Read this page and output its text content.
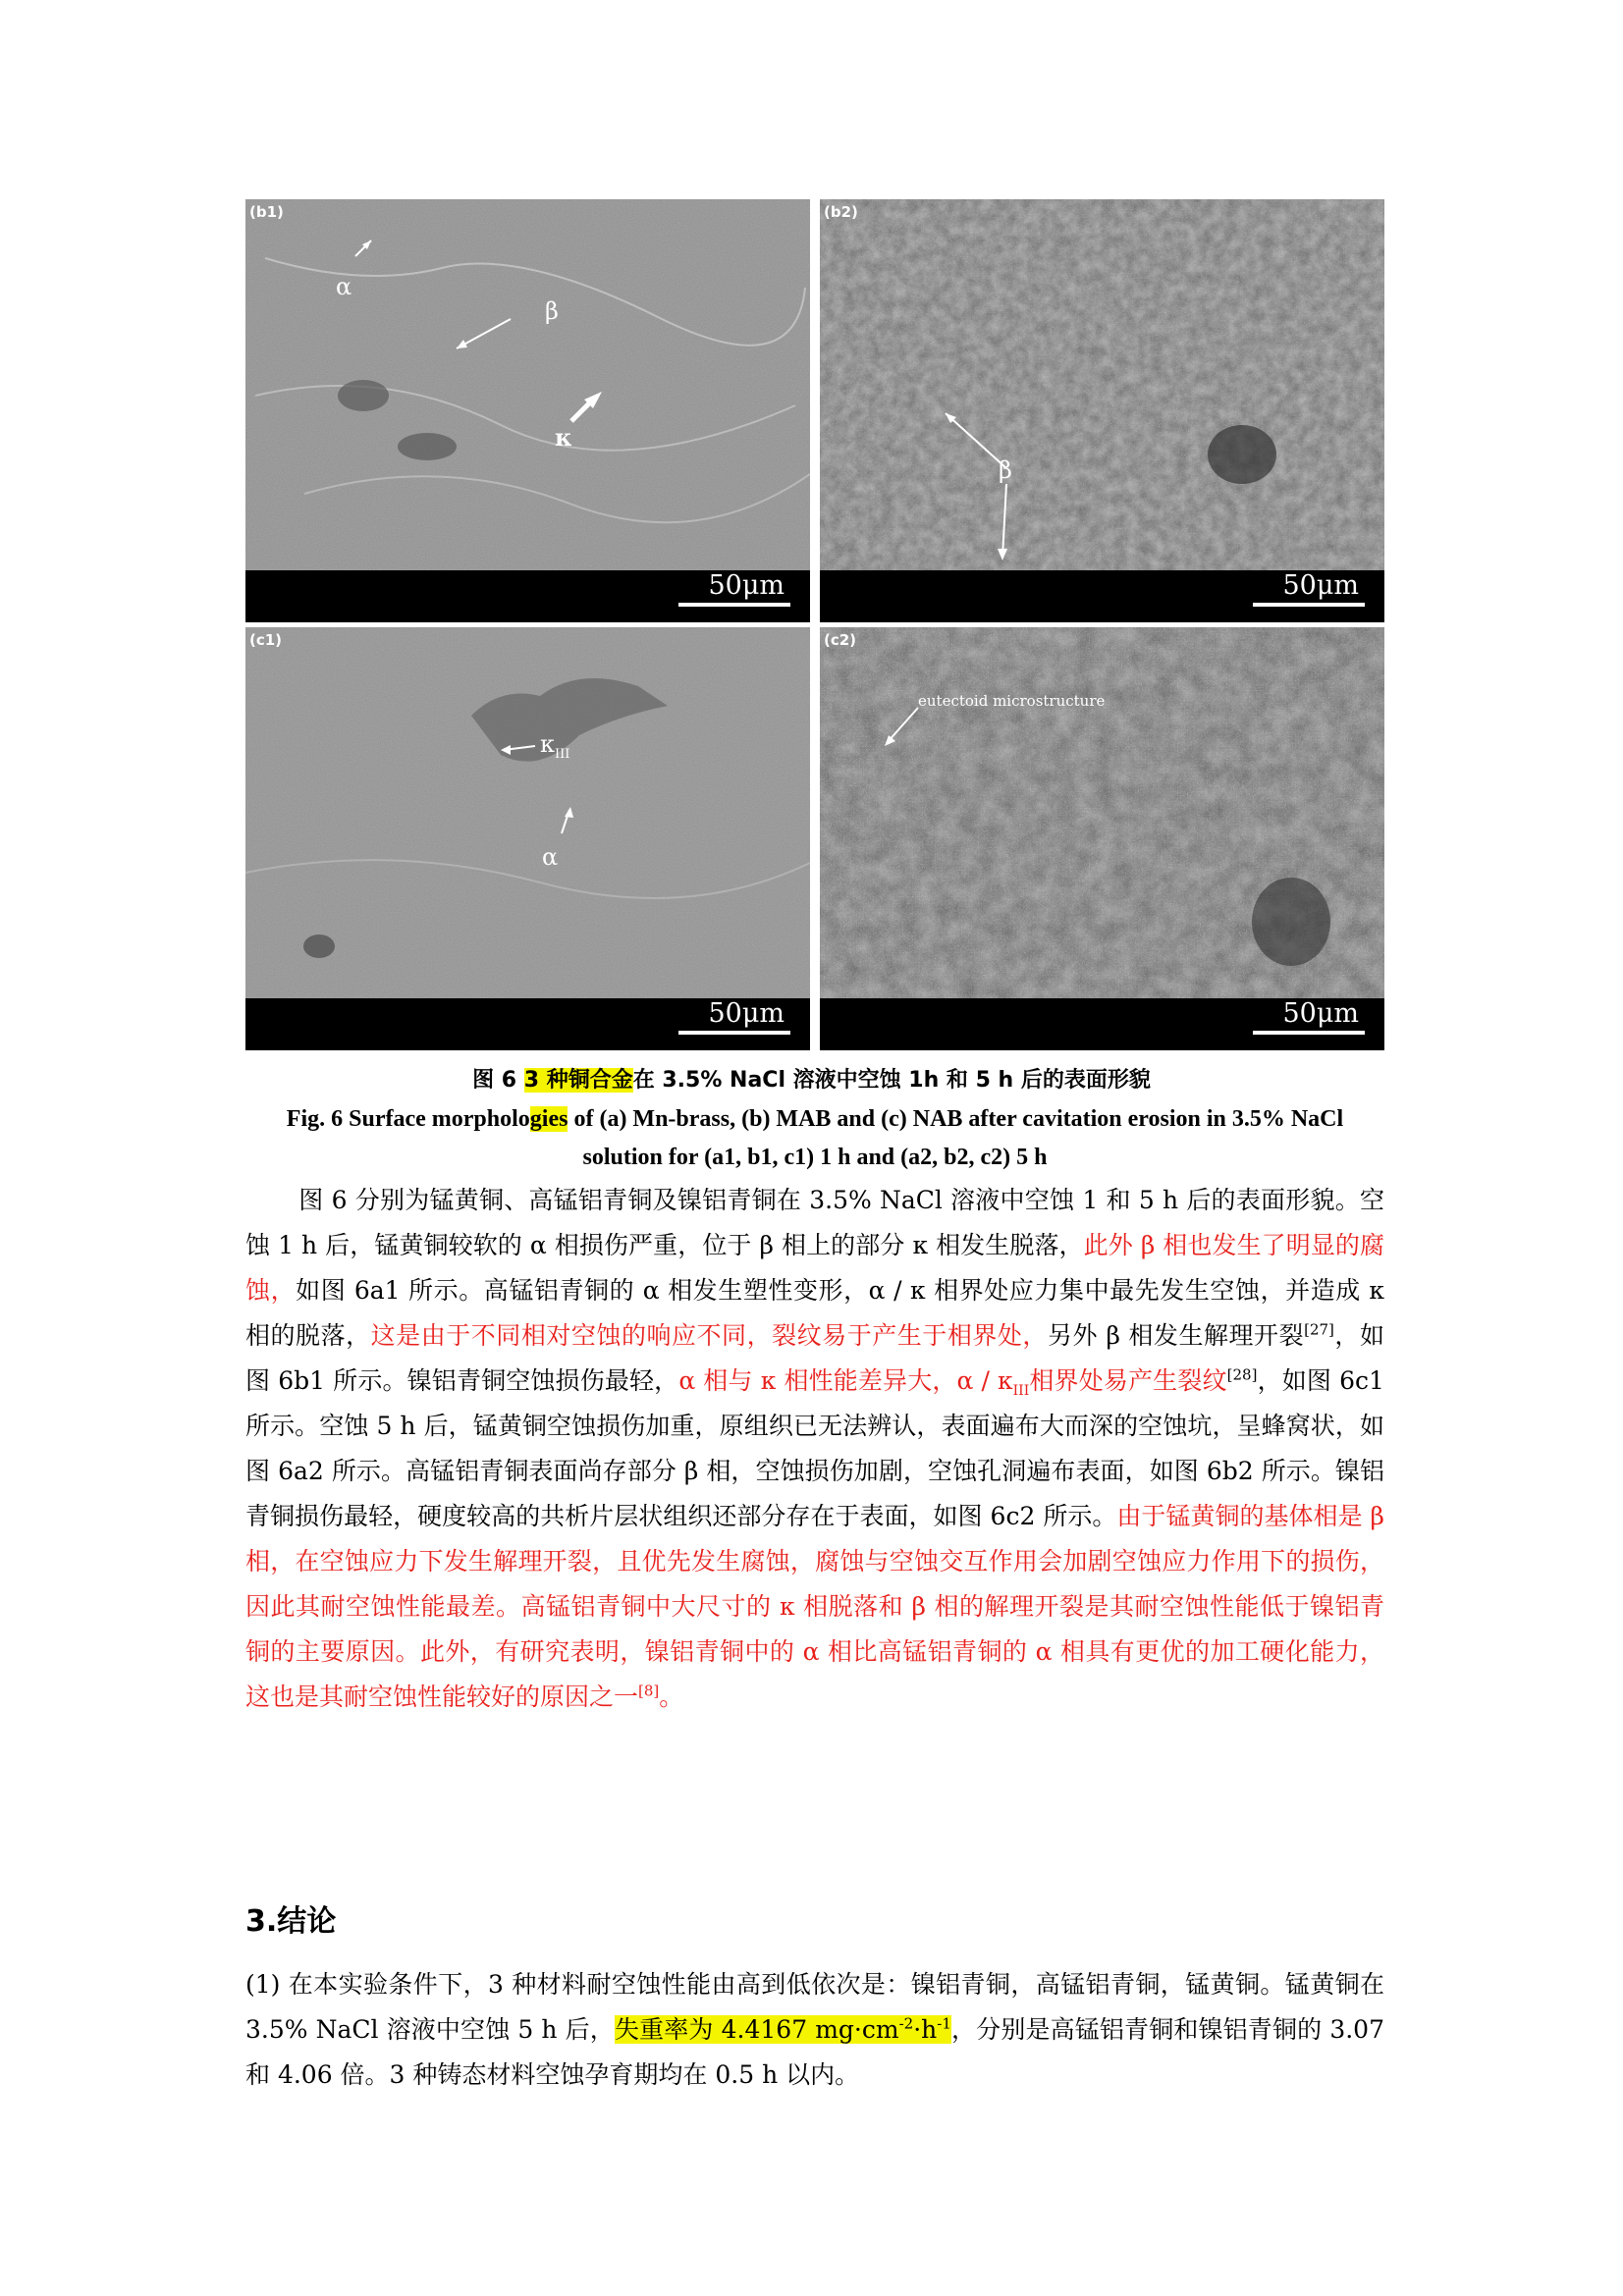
(b1)
α
β
κ
50μm
(b2)
β
50μm
(c1)
$\kappa_{III}$
α
50μm
(c2)
eutectoid microstructure
50μm
图 6 3 种铜合金在 3.5% NaCl 溶液中空蚀 1h 和 5 h 后的表面形貌
Fig. 6 Surface morphologies of (a) Mn-brass, (b) MAB and (c) NAB after cavitation erosion in 3.5% NaCl solution for (a1, b1, c1) 1 h and (a2, b2, c2) 5 h
图 6 分别为锰黄铜、高锰铝青铜及镍铝青铜在 3.5% NaCl 溶液中空蚀 1 和 5 h 后的表面形貌。空蚀 1 h 后，锰黄铜较软的 α 相损伤严重，位于 β 相上的部分 κ 相发生脱落，此外 β 相也发生了明显的腐蚀，如图 6a1 所示。高锰铝青铜的 α 相发生塑性变形，α / κ 相界处应力集中最先发生空蚀，并造成 κ 相的脱落，这是由于不同相对空蚀的响应不同，裂纹易于产生于相界处，另外 β 相发生解理开裂[27]，如图 6b1 所示。镍铝青铜空蚀损伤最轻，α 相与 κ 相性能差异大，α / $\kappa_{III}$相界处易产生裂纹[28]，如图 6c1 所示。空蚀 5 h 后，锰黄铜空蚀损伤加重，原组织已无法辨认，表面遍布大而深的空蚀坑，呈蜂窝状，如图 6a2 所示。高锰铝青铜表面尚存部分 β 相，空蚀损伤加剧，空蚀孔洞遍布表面，如图 6b2 所示。镍铝青铜损伤最轻，硬度较高的共析片层状组织还部分存在于表面，如图 6c2 所示。由于锰黄铜的基体相是 β 相，在空蚀应力下发生解理开裂，且优先发生腐蚀，腐蚀与空蚀交互作用会加剧空蚀应力作用下的损伤，因此其耐空蚀性能最差。高锰铝青铜中大尺寸的 κ 相脱落和 β 相的解理开裂是其耐空蚀性能低于镍铝青铜的主要原因。此外，有研究表明，镍铝青铜中的 α 相比高锰铝青铜的 α 相具有更优的加工硬化能力，这也是其耐空蚀性能较好的原因之一[8]。
3.结论
(1) 在本实验条件下，3 种材料耐空蚀性能由高到低依次是：镍铝青铜，高锰铝青铜，锰黄铜。锰黄铜在 3.5% NaCl 溶液中空蚀 5 h 后，失重率为 4.4167 $mg\cdot cm^{-2}\cdot h^{-1}$，分别是高锰铝青铜和镍铝青铜的 3.07 和 4.06 倍。3 种铸态材料空蚀孕育期均在 0.5 h 以内。
